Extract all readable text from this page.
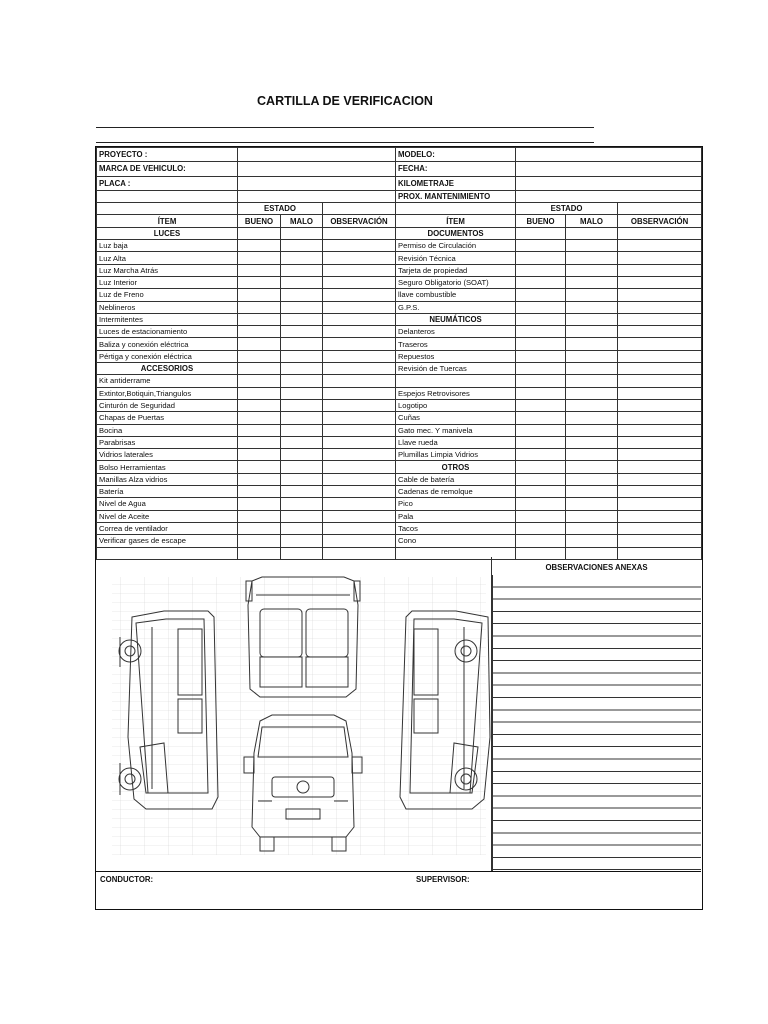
CARTILLA DE VERIFICACION
PROYECTO :				MODELO:			
MARCA DE VEHICULO:				FECHA:			
PLACA :				KILOMETRAJE			
				PROX. MANTENIMIENTO			
	ESTADO				ESTADO		
ÍTEM	BUENO	MALO	OBSERVACIÓN	ÍTEM	BUENO	MALO	OBSERVACIÓN
LUCES				DOCUMENTOS			
Luz baja				Permiso de Circulación			
Luz Alta				Revisión Técnica			
Luz Marcha Atrás				Tarjeta de propiedad			
Luz Interior				Seguro Obligatorio (SOAT)			
Luz de Freno				llave combustible			
Neblineros				G.P.S.			
Intermitentes				NEUMÁTICOS			
Luces de estacionamiento				Delanteros			
Baliza y conexión eléctrica				Traseros			
Pértiga y conexión eléctrica				Repuestos			
ACCESORIOS				Revisión de Tuercas			
Kit antiderrame							
Extintor,Botiquin,Triangulos				Espejos Retrovisores			
Cinturón de Seguridad				Logotipo			
Chapas de Puertas				Cuñas			
Bocina				Gato mec. Y manivela			
Parabrisas				Llave rueda			
Vidrios laterales				Plumillas Limpia Vidrios			
Bolso Herramientas				OTROS			
Manillas Alza vidrios				Cable de batería			
Batería				Cadenas de remolque			
Nivel de Agua				Pico			
Nivel de Aceite				Pala			
Correa de ventilador				Tacos			
Verificar gases de escape				Cono			

OBSERVACIONES ANEXAS
CONDUCTOR:	SUPERVISOR:
